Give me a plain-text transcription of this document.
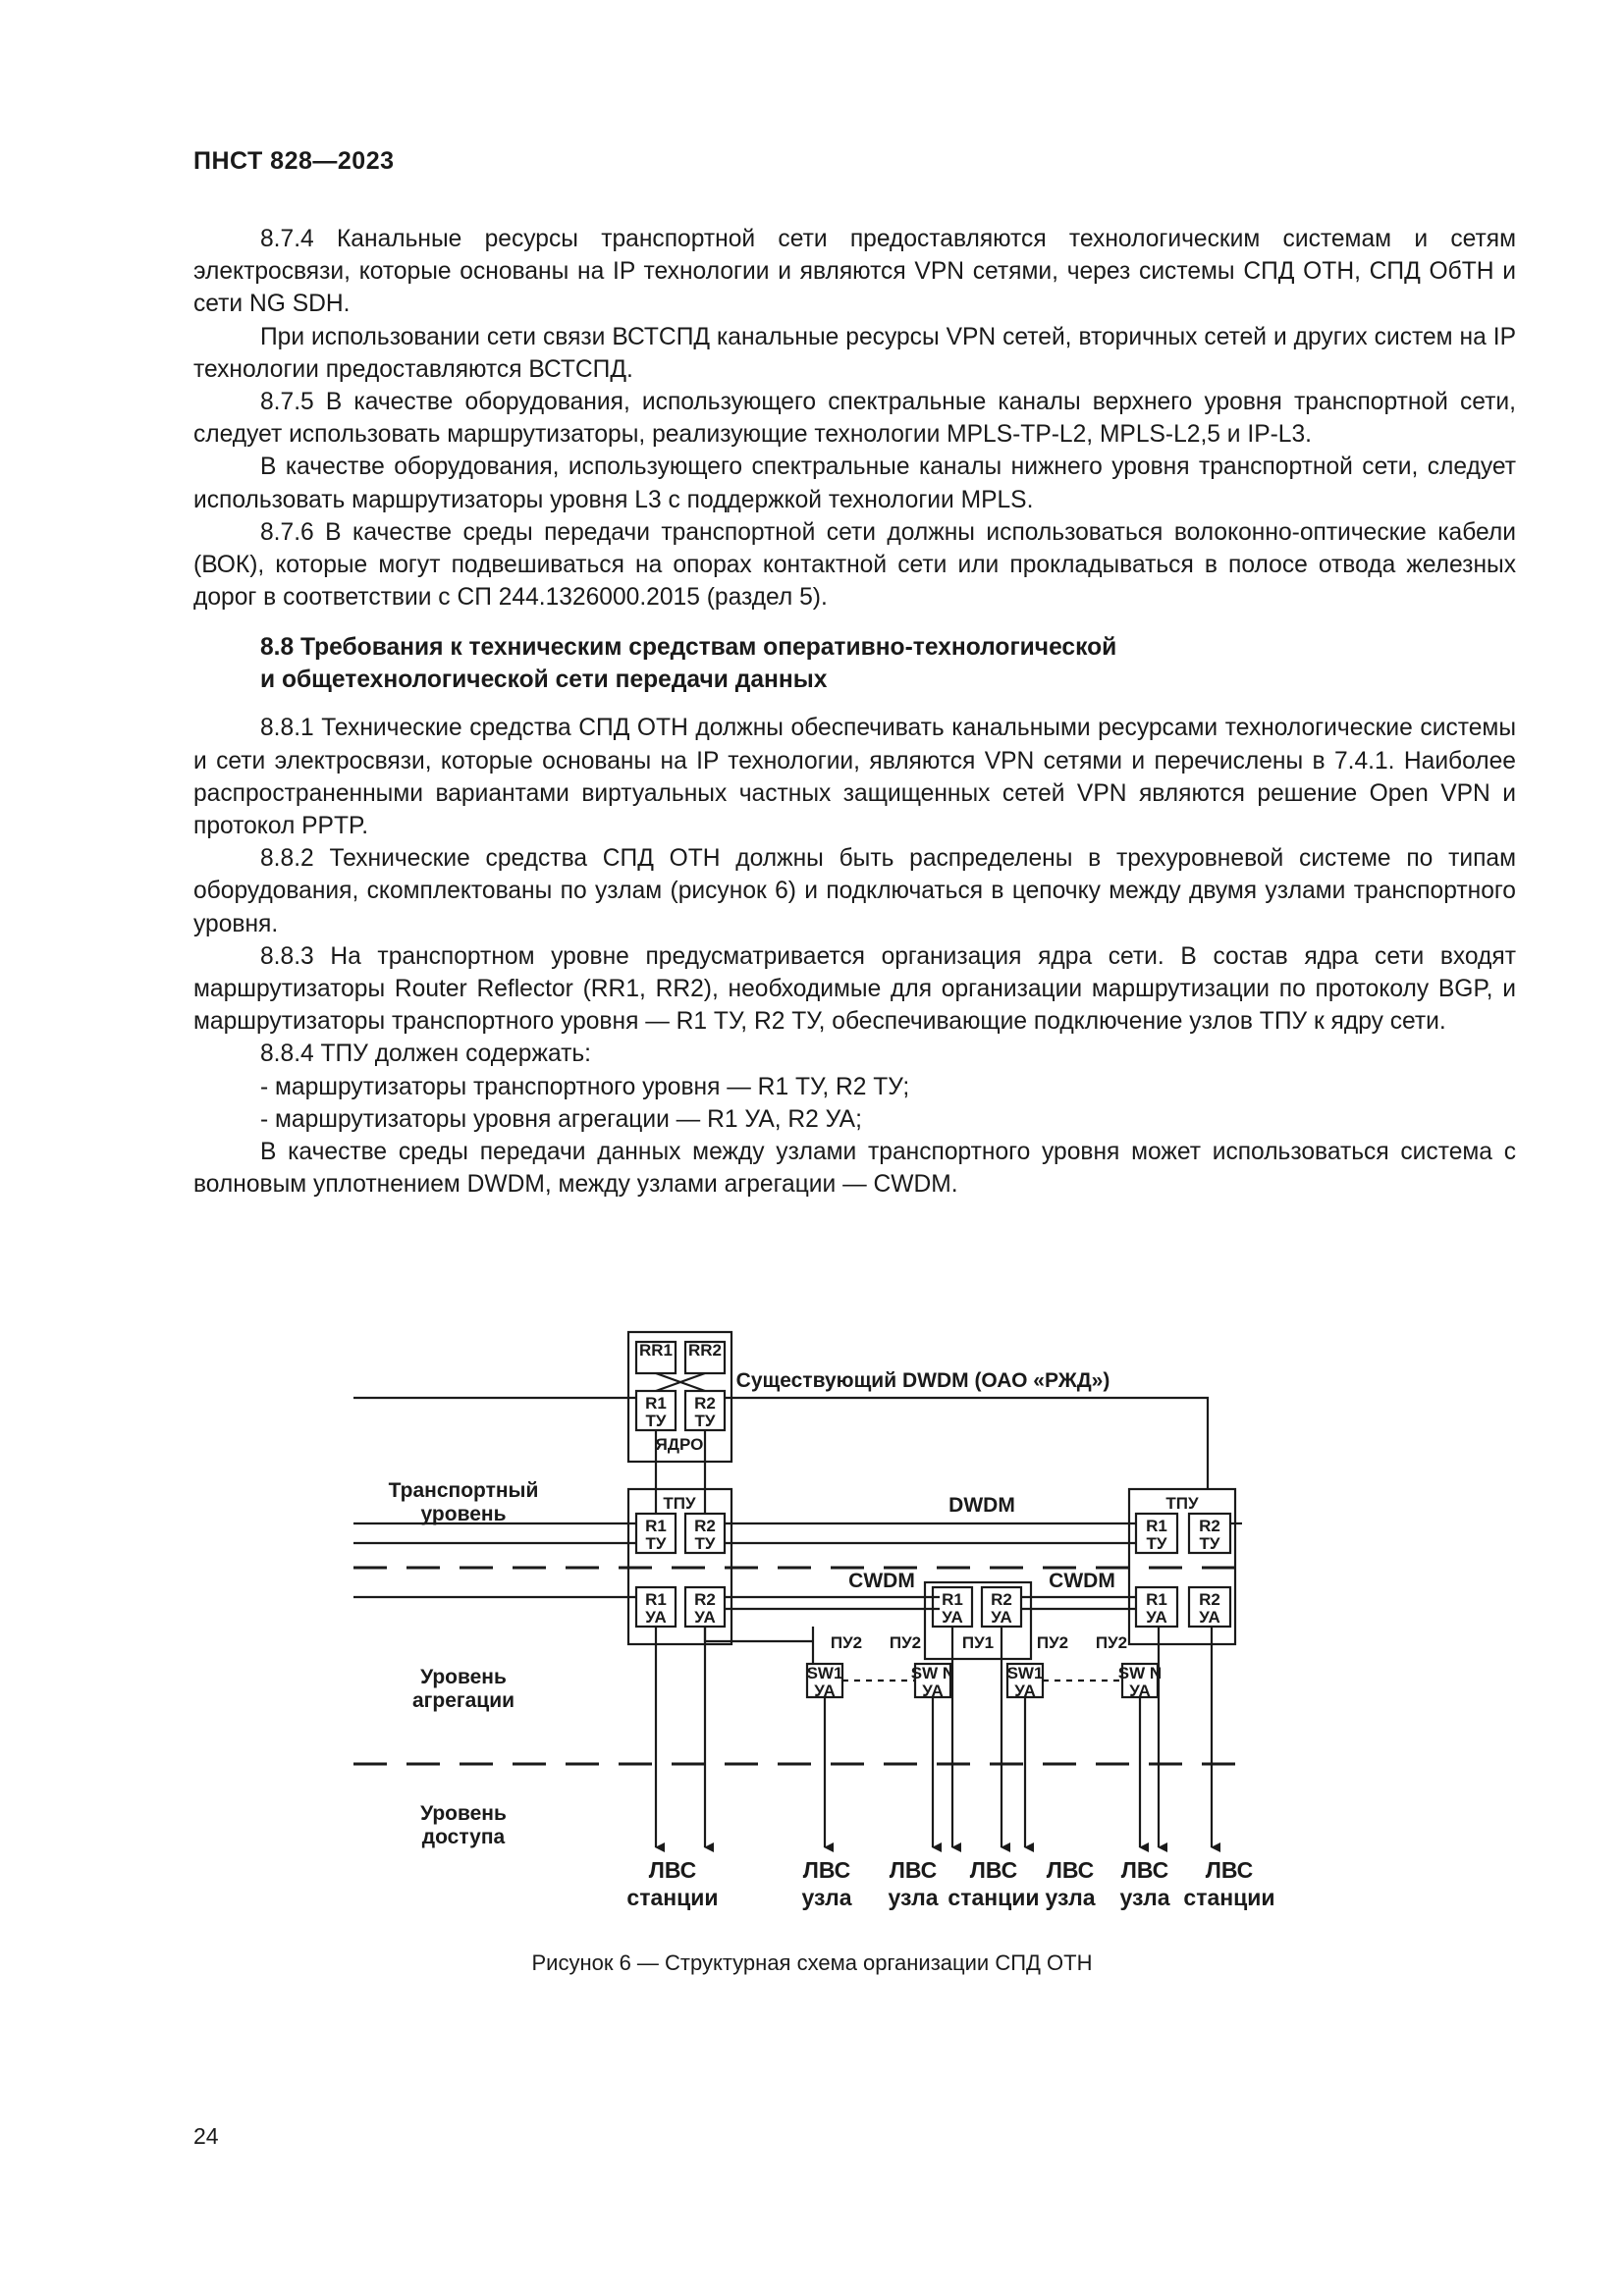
ПНСТ 828—2023

8.7.4 Канальные ресурсы транспортной сети предоставляются технологическим системам и сетям электросвязи, которые основаны на IP технологии и являются VPN сетями, через системы СПД ОТН, СПД ОбТН и сети NG SDH.

При использовании сети связи ВСТСПД канальные ресурсы VPN сетей, вторичных сетей и других систем на IP технологии предоставляются ВСТСПД.

8.7.5 В качестве оборудования, использующего спектральные каналы верхнего уровня транспортной сети, следует использовать маршрутизаторы, реализующие технологии MPLS-TP-L2, MPLS-L2,5 и IP-L3.

В качестве оборудования, использующего спектральные каналы нижнего уровня транспортной сети, следует использовать маршрутизаторы уровня L3 с поддержкой технологии MPLS.

8.7.6 В качестве среды передачи транспортной сети должны использоваться волоконно-оптические кабели (ВОК), которые могут подвешиваться на опорах контактной сети или прокладываться в полосе отвода железных дорог в соответствии с СП 244.1326000.2015 (раздел 5).

8.8 Требования к техническим средствам оперативно-технологической
и общетехнологической сети передачи данных

8.8.1 Технические средства СПД ОТН должны обеспечивать канальными ресурсами технологические системы и сети электросвязи, которые основаны на IP технологии, являются VPN сетями и перечислены в 7.4.1. Наиболее распространенными вариантами виртуальных частных защищенных сетей VPN являются решение Open VPN и протокол PPTP.

8.8.2 Технические средства СПД ОТН должны быть распределены в трехуровневой системе по типам оборудования, скомплектованы по узлам (рисунок 6) и подключаться в цепочку между двумя узлами транспортного уровня.

8.8.3 На транспортном уровне предусматривается организация ядра сети. В состав ядра сети входят маршрутизаторы Router Reflector (RR1, RR2), необходимые для организации маршрутизации по протоколу BGP, и маршрутизаторы транспортного уровня — R1 ТУ, R2 ТУ, обеспечивающие подключение узлов ТПУ к ядру сети.

8.8.4 ТПУ должен содержать:

- маршрутизаторы транспортного уровня — R1 ТУ, R2 ТУ;

- маршрутизаторы уровня агрегации — R1 УА, R2 УА;

В качестве среды передачи данных между узлами транспортного уровня может использоваться система с волновым уплотнением DWDM, между узлами агрегации — CWDM.

RR1 RR2
R1
ТУ
R2
ТУ
ЯДРО
Существующий DWDM (ОАО «РЖД»)
ТПУ
R1
ТУ
R2
ТУ
R1
УА
R2
УА
ТПУ
R1
ТУ
R2
ТУ
R1
УА
R2
УА
DWDM
CWDM	CWDM
R1
УА
R2
УА
ПУ1
SW1
УА
SW N
УА
SW1
УА
SW N
УА
ПУ2 ПУ2	ПУ2 ПУ2
Транспортный
уровень
Уровень
агрегации
Уровень
доступа
ЛВС
станции
ЛВС
узла
ЛВС
узла
ЛВС
станции
ЛВС
узла
ЛВС
узла
ЛВС
станции
Рисунок 6 — Структурная схема организации СПД ОТН
24
